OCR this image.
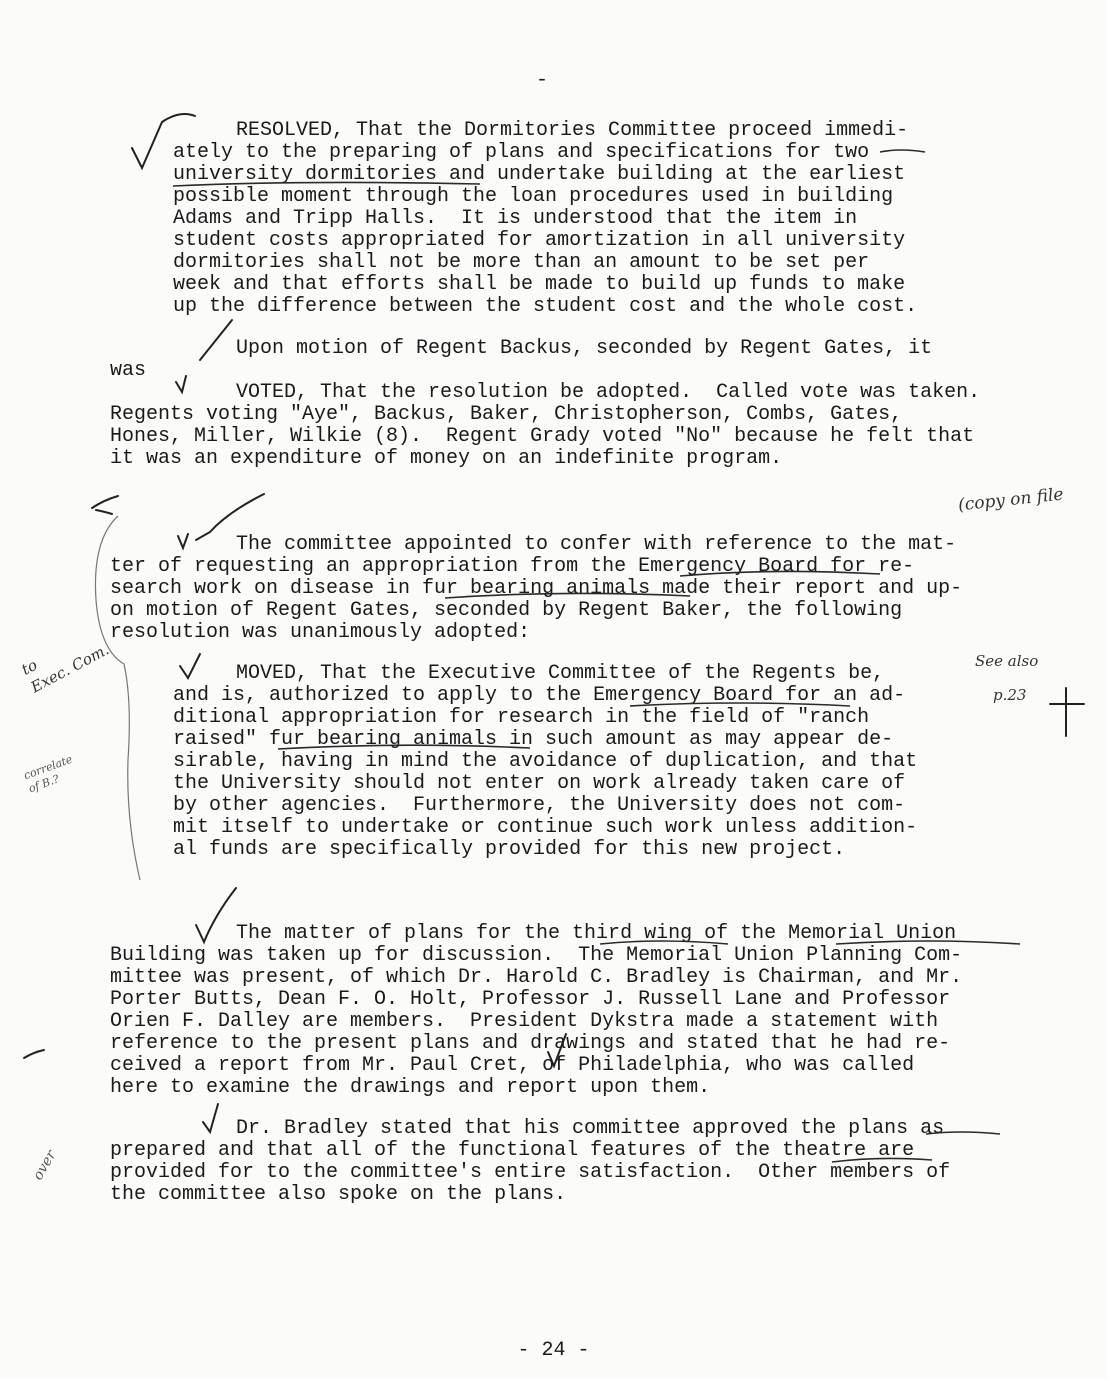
-
RESOLVED, That the Dormitories Committee proceed immedi-
ately to the preparing of plans and specifications for two
university dormitories and undertake building at the earliest
possible moment through the loan procedures used in building
Adams and Tripp Halls.  It is understood that the item in
student costs appropriated for amortization in all university
dormitories shall not be more than an amount to be set per
week and that efforts shall be made to build up funds to make
up the difference between the student cost and the whole cost.
Upon motion of Regent Backus, seconded by Regent Gates, it
was
VOTED, That the resolution be adopted.  Called vote was taken.
Regents voting "Aye", Backus, Baker, Christopherson, Combs, Gates,
Hones, Miller, Wilkie (8).  Regent Grady voted "No" because he felt that
it was an expenditure of money on an indefinite program.
The committee appointed to confer with reference to the mat-
ter of requesting an appropriation from the Emergency Board for re-
search work on disease in fur bearing animals made their report and up-
on motion of Regent Gates, seconded by Regent Baker, the following
resolution was unanimously adopted:
MOVED, That the Executive Committee of the Regents be,
and is, authorized to apply to the Emergency Board for an ad-
ditional appropriation for research in the field of "ranch
raised" fur bearing animals in such amount as may appear de-
sirable, having in mind the avoidance of duplication, and that
the University should not enter on work already taken care of
by other agencies.  Furthermore, the University does not com-
mit itself to undertake or continue such work unless addition-
al funds are specifically provided for this new project.
The matter of plans for the third wing of the Memorial Union
Building was taken up for discussion.  The Memorial Union Planning Com-
mittee was present, of which Dr. Harold C. Bradley is Chairman, and Mr.
Porter Butts, Dean F. O. Holt, Professor J. Russell Lane and Professor
Orien F. Dalley are members.  President Dykstra made a statement with
reference to the present plans and drawings and stated that he had re-
ceived a report from Mr. Paul Cret, of Philadelphia, who was called
here to examine the drawings and report upon them.
Dr. Bradley stated that his committee approved the plans as
prepared and that all of the functional features of the theatre are
provided for to the committee's entire satisfaction.  Other members of
the committee also spoke on the plans.
- 24 -
(copy on file
See also
p.23
to
Exec. Com.
correlate
of B.?
over
